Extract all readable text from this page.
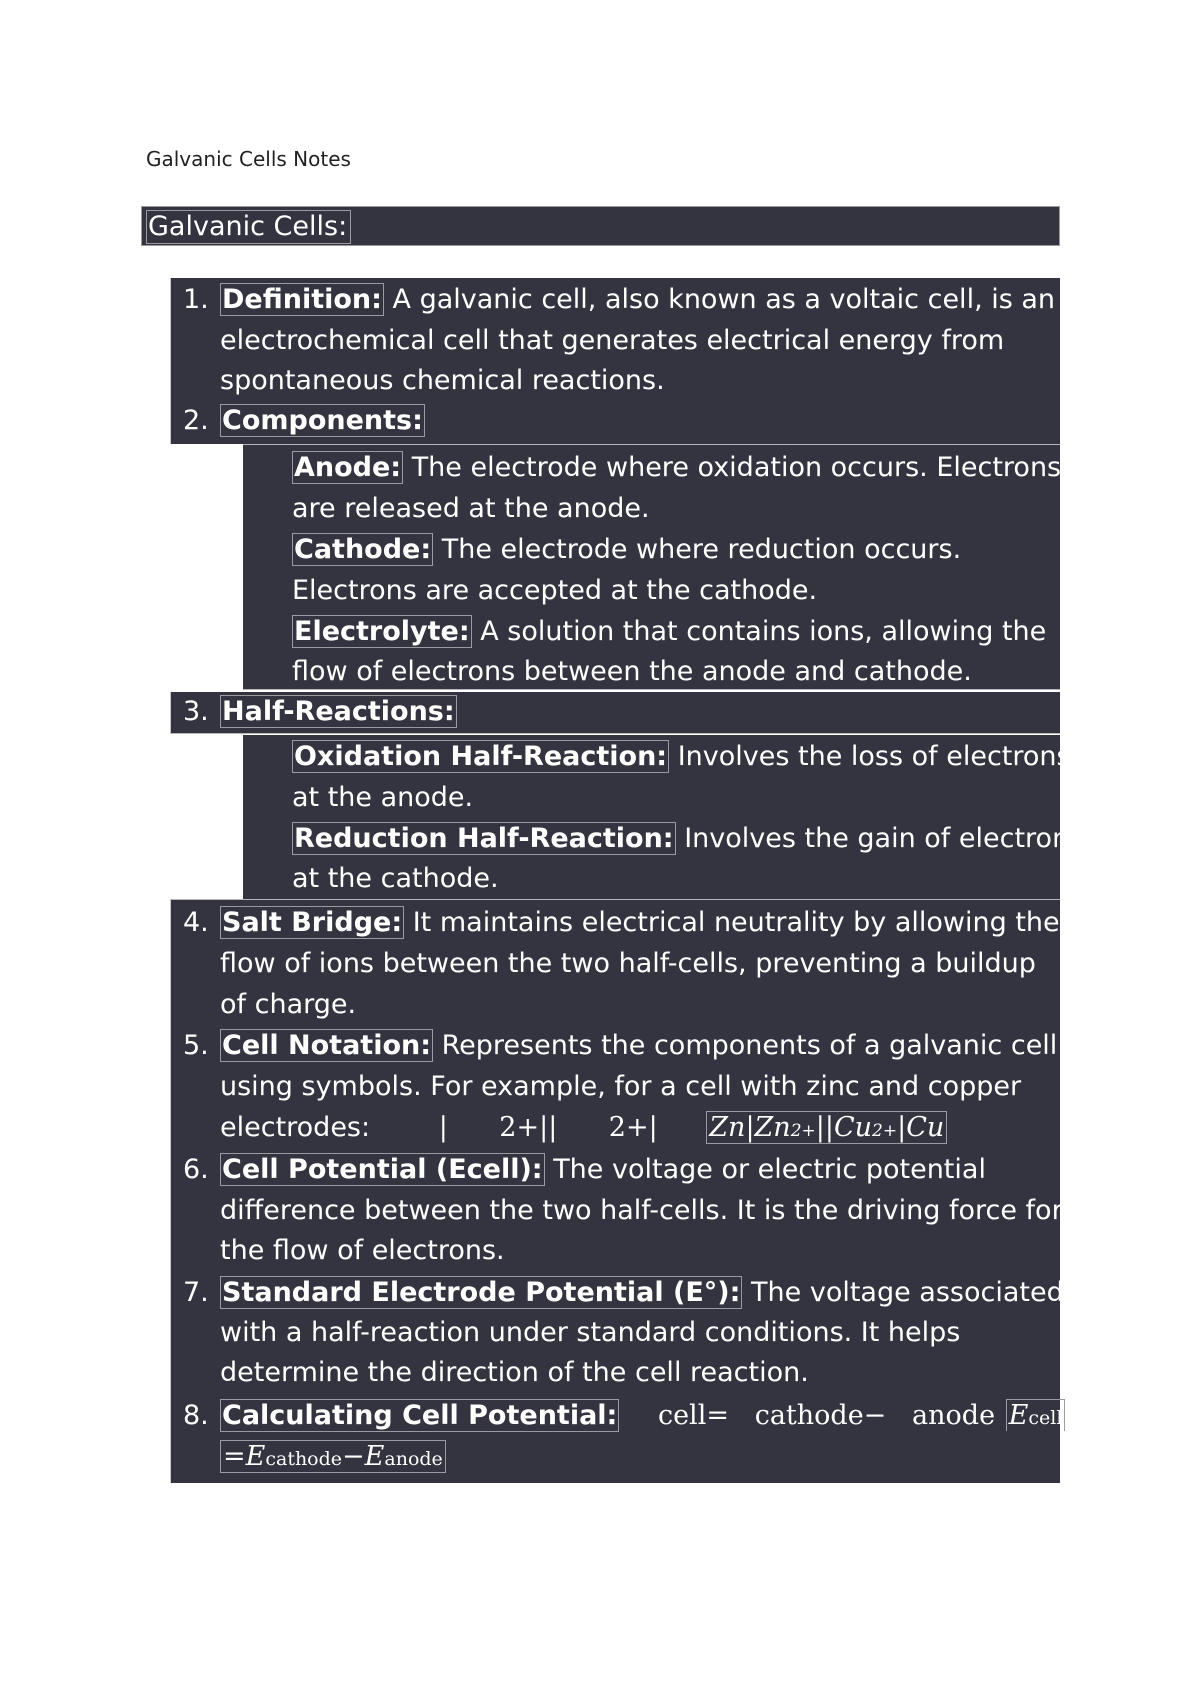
Galvanic Cells Notes
Galvanic Cells:
1. Definition: A galvanic cell, also known as a voltaic cell, is an
electrochemical cell that generates electrical energy from
spontaneous chemical reactions.
2. Components:
Anode: The electrode where oxidation occurs. Electrons
are released at the anode.
Cathode: The electrode where reduction occurs.
Electrons are accepted at the cathode.
Electrolyte: A solution that contains ions, allowing the
flow of electrons between the anode and cathode.
3. Half-Reactions:
Oxidation Half-Reaction: Involves the loss of electrons
at the anode.
Reduction Half-Reaction: Involves the gain of electrons
at the cathode.
4. Salt Bridge: It maintains electrical neutrality by allowing the
flow of ions between the two half-cells, preventing a buildup
of charge.
5. Cell Notation: Represents the components of a galvanic cell
using symbols. For example, for a cell with zinc and copper
electrodes:	|      2+||      2+| Zn|Zn2+||Cu2+|Cu
6. Cell Potential (Ecell): The voltage or electric potential
difference between the two half-cells. It is the driving force for
the flow of electrons.
7. Standard Electrode Potential (E°): The voltage associated
with a half-reaction under standard conditions. It helps
determine the direction of the cell reaction.
8. Calculating Cell Potential: cell=   cathode−   anode Ecell
=Ecathode−Eanode
